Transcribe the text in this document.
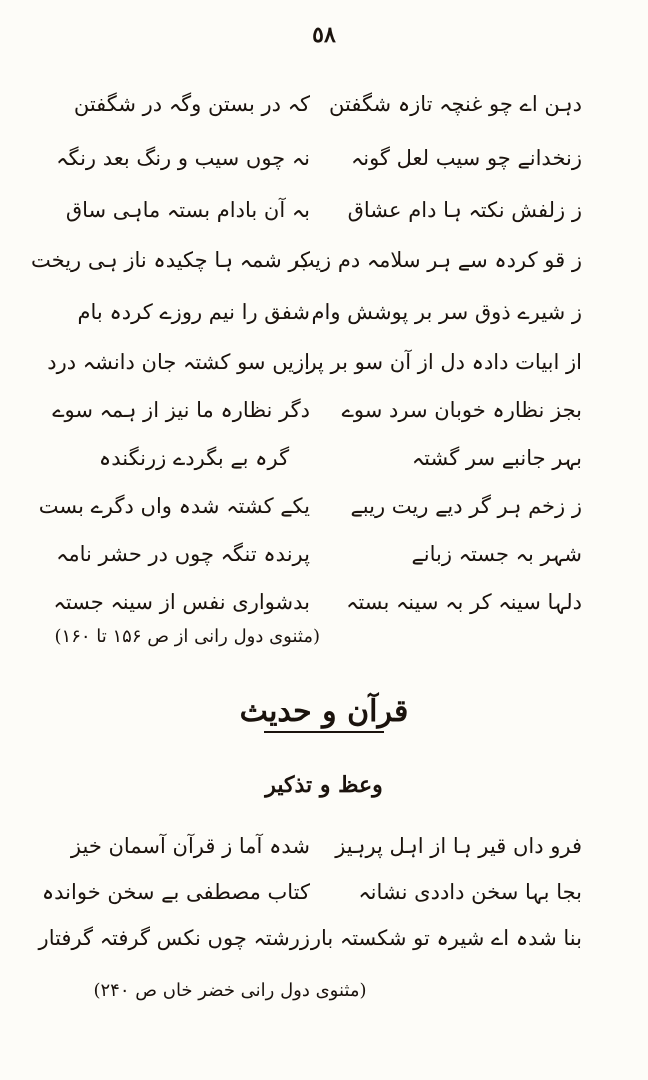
٥٨
دہن اے چو غنچہ تازہ شگفتن
کہ در بستن وگہ در شگفتن
زنخدانے چو سیب لعل گونہ
نہ چوں سیب و رنگ بعد رنگہ
ز زلفش نکتہ ہا دام عشاق
بہ آن بادام بستہ ماہی ساق
ز قو کردہ سے ہر سلامہ دم زیب
کر شمہ ہا چکیدہ ناز ہی ریخت
ز شیرے ذوق سر بر پوشش وام
شفق را نیم روزے کردہ بام
از ابیات دادہ دل از آن سو بر پر
ازیں سو کشتہ جان دانشہ درد
بجز نظارہ خوبان سرد سوے
دگر نظارہ ما نیز از ہمہ سوے
بہر جانبے سر گشتہ
گرہ بے بگردے زرنگندہ
ز زخم ہر گر دیے ریت ریبے
یکے کشتہ شدہ واں دگرے بست
شہر بہ جستہ زبانے
پرندہ تنگہ چوں در حشر نامہ
دلہا سینہ کر بہ سینہ بستہ
بدشواری نفس از سینہ جستہ
(مثنوی دول رانی از ص ۱۵۶ تا ۱۶۰)
قرآن و حدیث
وعظ و تذکیر
فرو داں قیر ہا از اہل پرہیز
شدہ آما ز قرآن آسمان خیز
بجا بہا سخن داددی نشانہ
کتاب مصطفی بے سخن خواندہ
بنا شدہ اے شیرہ تو شکستہ بار
زرشتہ چوں نکس گرفتہ گرفتار
(مثنوی دول رانی خضر خاں ص ۲۴۰)
